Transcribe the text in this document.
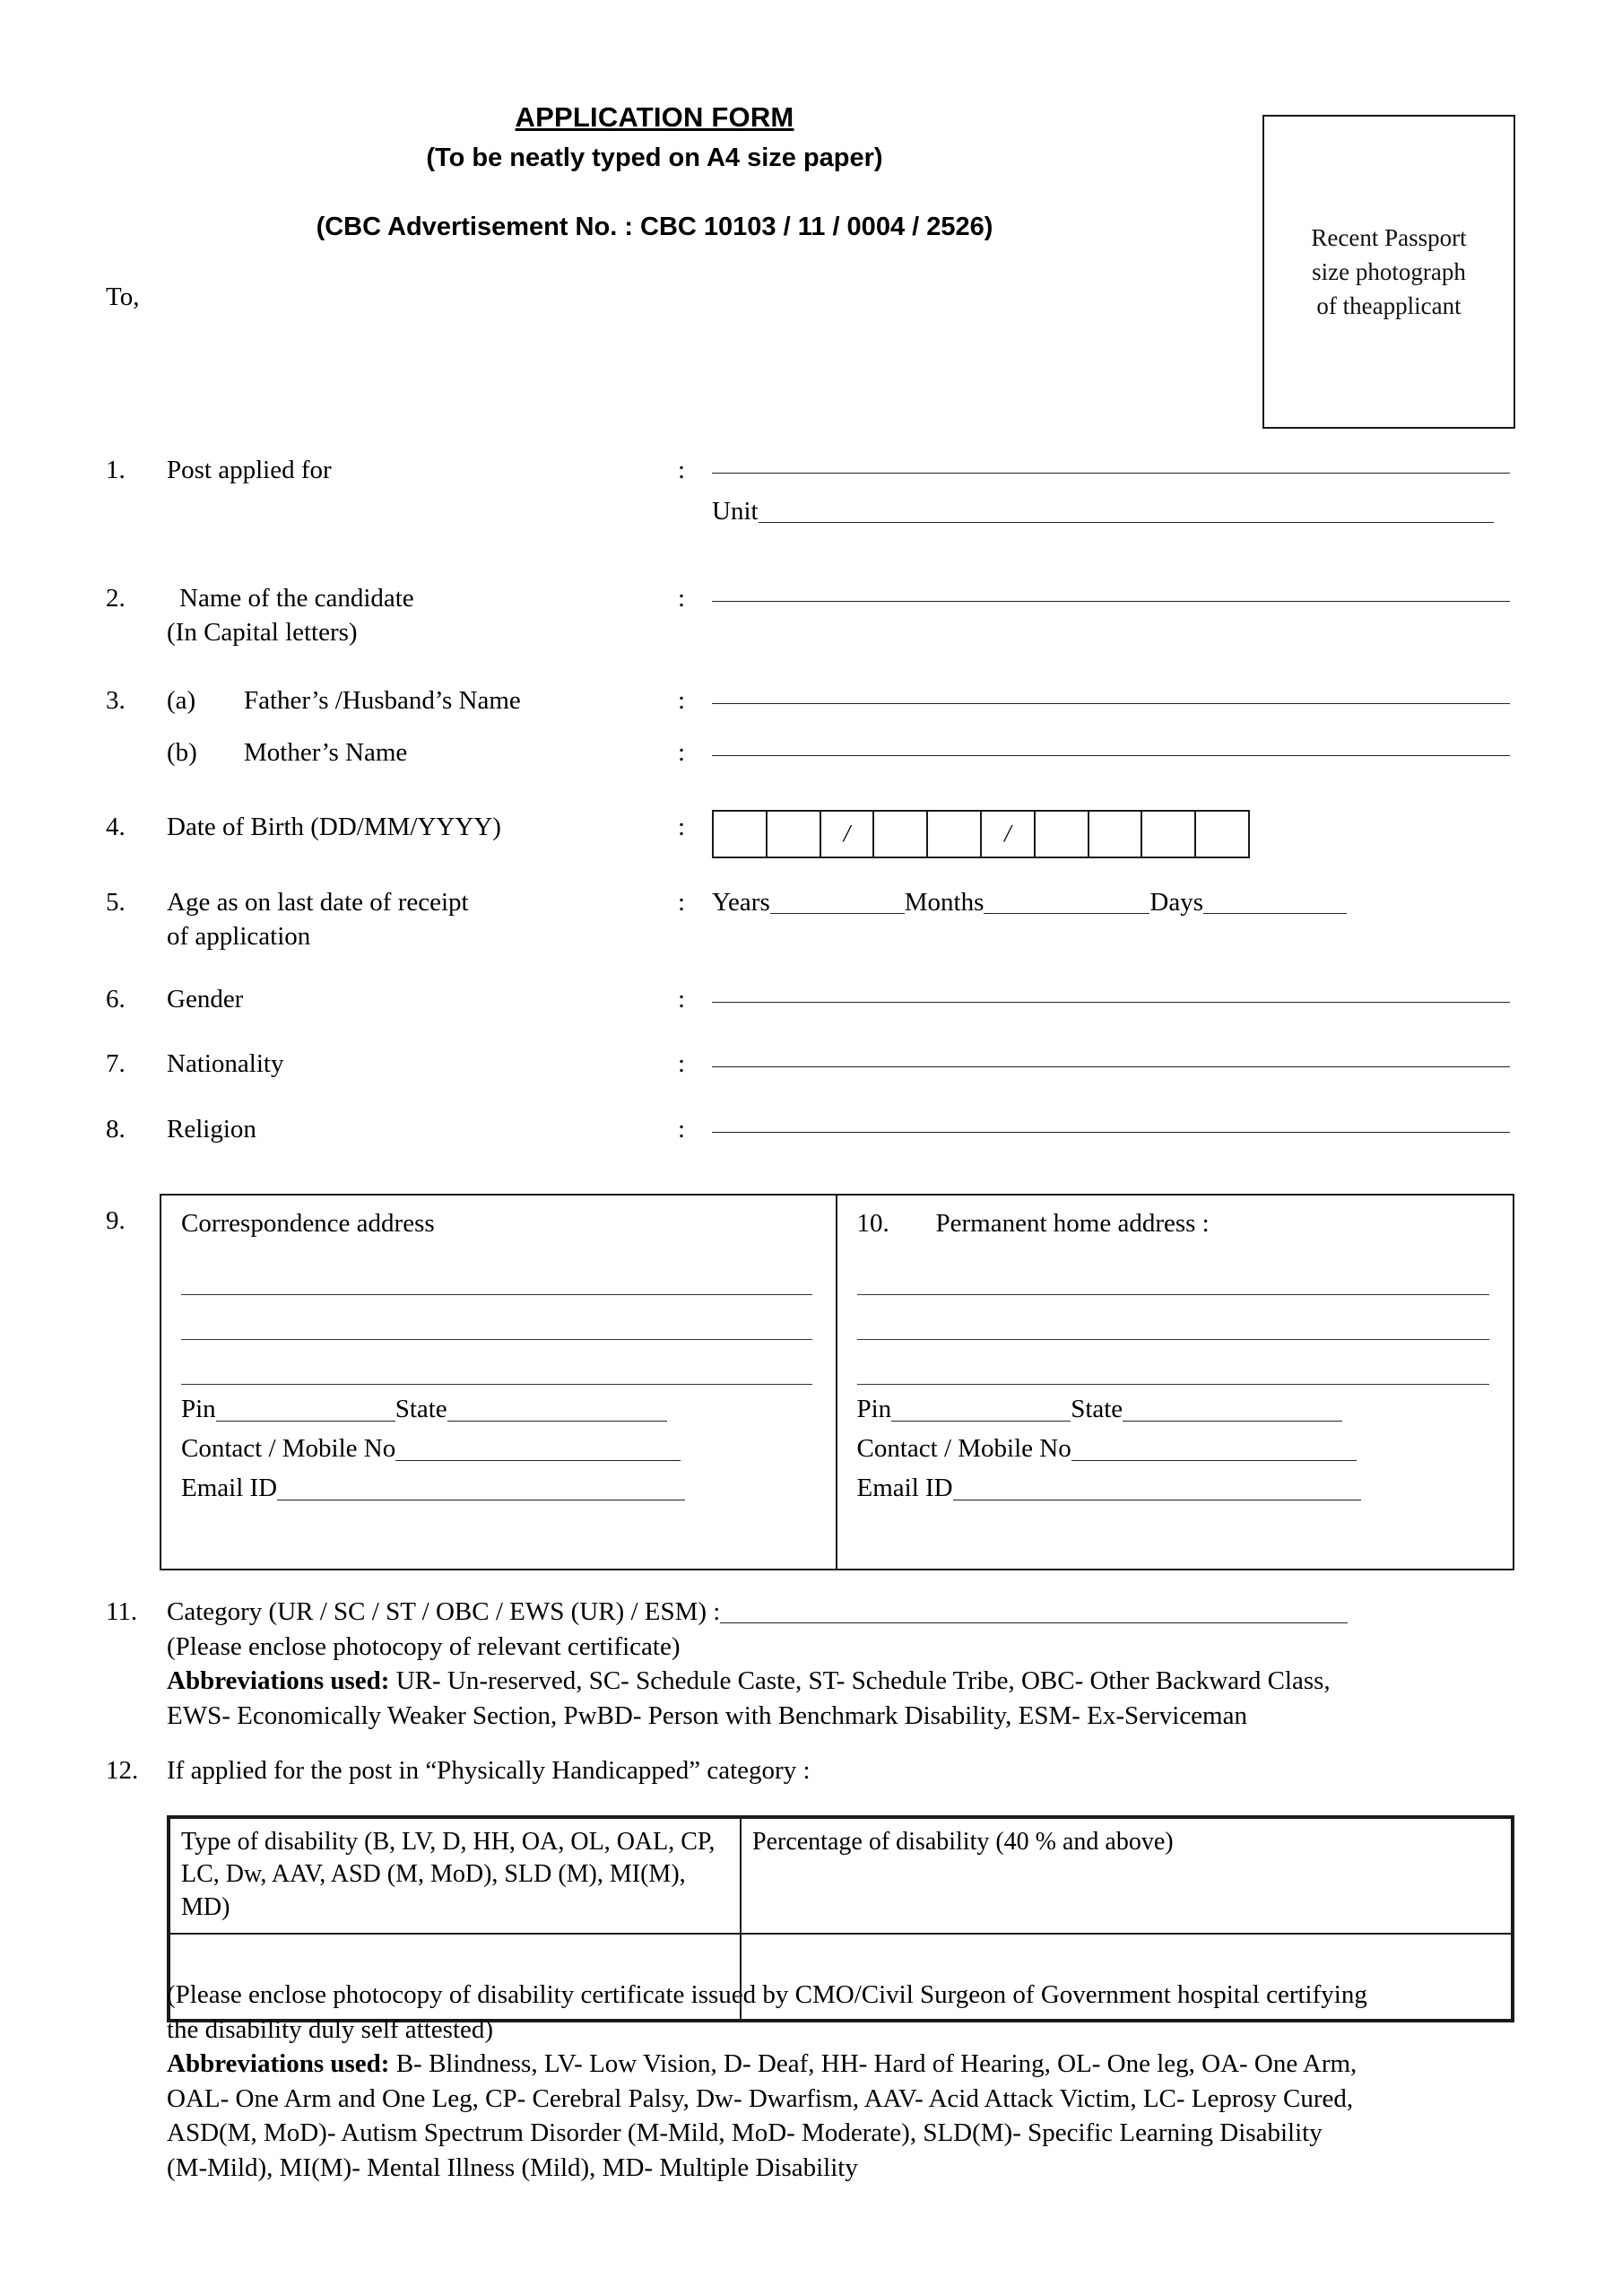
APPLICATION FORM
(To be neatly typed on A4 size paper)
(CBC Advertisement No. : CBC 10103 / 11 / 0004 / 2526)	Recent Passport
size photograph
of theapplicant
To,
1.	Post applied for	:
Unit
2.	Name of the candidate
(In Capital letters)
:
3.	(a) Father’s /Husband’s Name	:
(b) Mother’s Name	:
4.	Date of Birth (DD/MM/YYYY)	:	/	/
5.	Age as on last date of receipt
of application
:	Years	Months	Days
6.	Gender	:
7.	Nationality	:
8.	Religion	:
9. Correspondence address
Pin	State
Contact / Mobile No
Email ID
10. Permanent home address :
Pin	State
Contact / Mobile No
Email ID
11.	Category (UR / SC / ST / OBC / EWS (UR) / ESM) :
(Please enclose photocopy of relevant certificate)
Abbreviations used: UR- Un-reserved, SC- Schedule Caste, ST- Schedule Tribe, OBC- Other Backward Class,
EWS- Economically Weaker Section, PwBD- Person with Benchmark Disability, ESM- Ex-Serviceman
12.	If applied for the post in “Physically Handicapped” category :
Type of disability (B, LV, D, HH, OA, OL, OAL, CP,
LC, Dw, AAV, ASD (M, MoD), SLD (M), MI(M), MD)	Percentage of disability (40 % and above)

(Please enclose photocopy of disability certificate issued by CMO/Civil Surgeon of Government hospital certifying
the disability duly self attested)
Abbreviations used: B- Blindness, LV- Low Vision, D- Deaf, HH- Hard of Hearing, OL- One leg, OA- One Arm,
OAL- One Arm and One Leg, CP- Cerebral Palsy, Dw- Dwarfism, AAV- Acid Attack Victim, LC- Leprosy Cured,
ASD(M, MoD)- Autism Spectrum Disorder (M-Mild, MoD- Moderate), SLD(M)- Specific Learning Disability
(M-Mild), MI(M)- Mental Illness (Mild), MD- Multiple Disability
